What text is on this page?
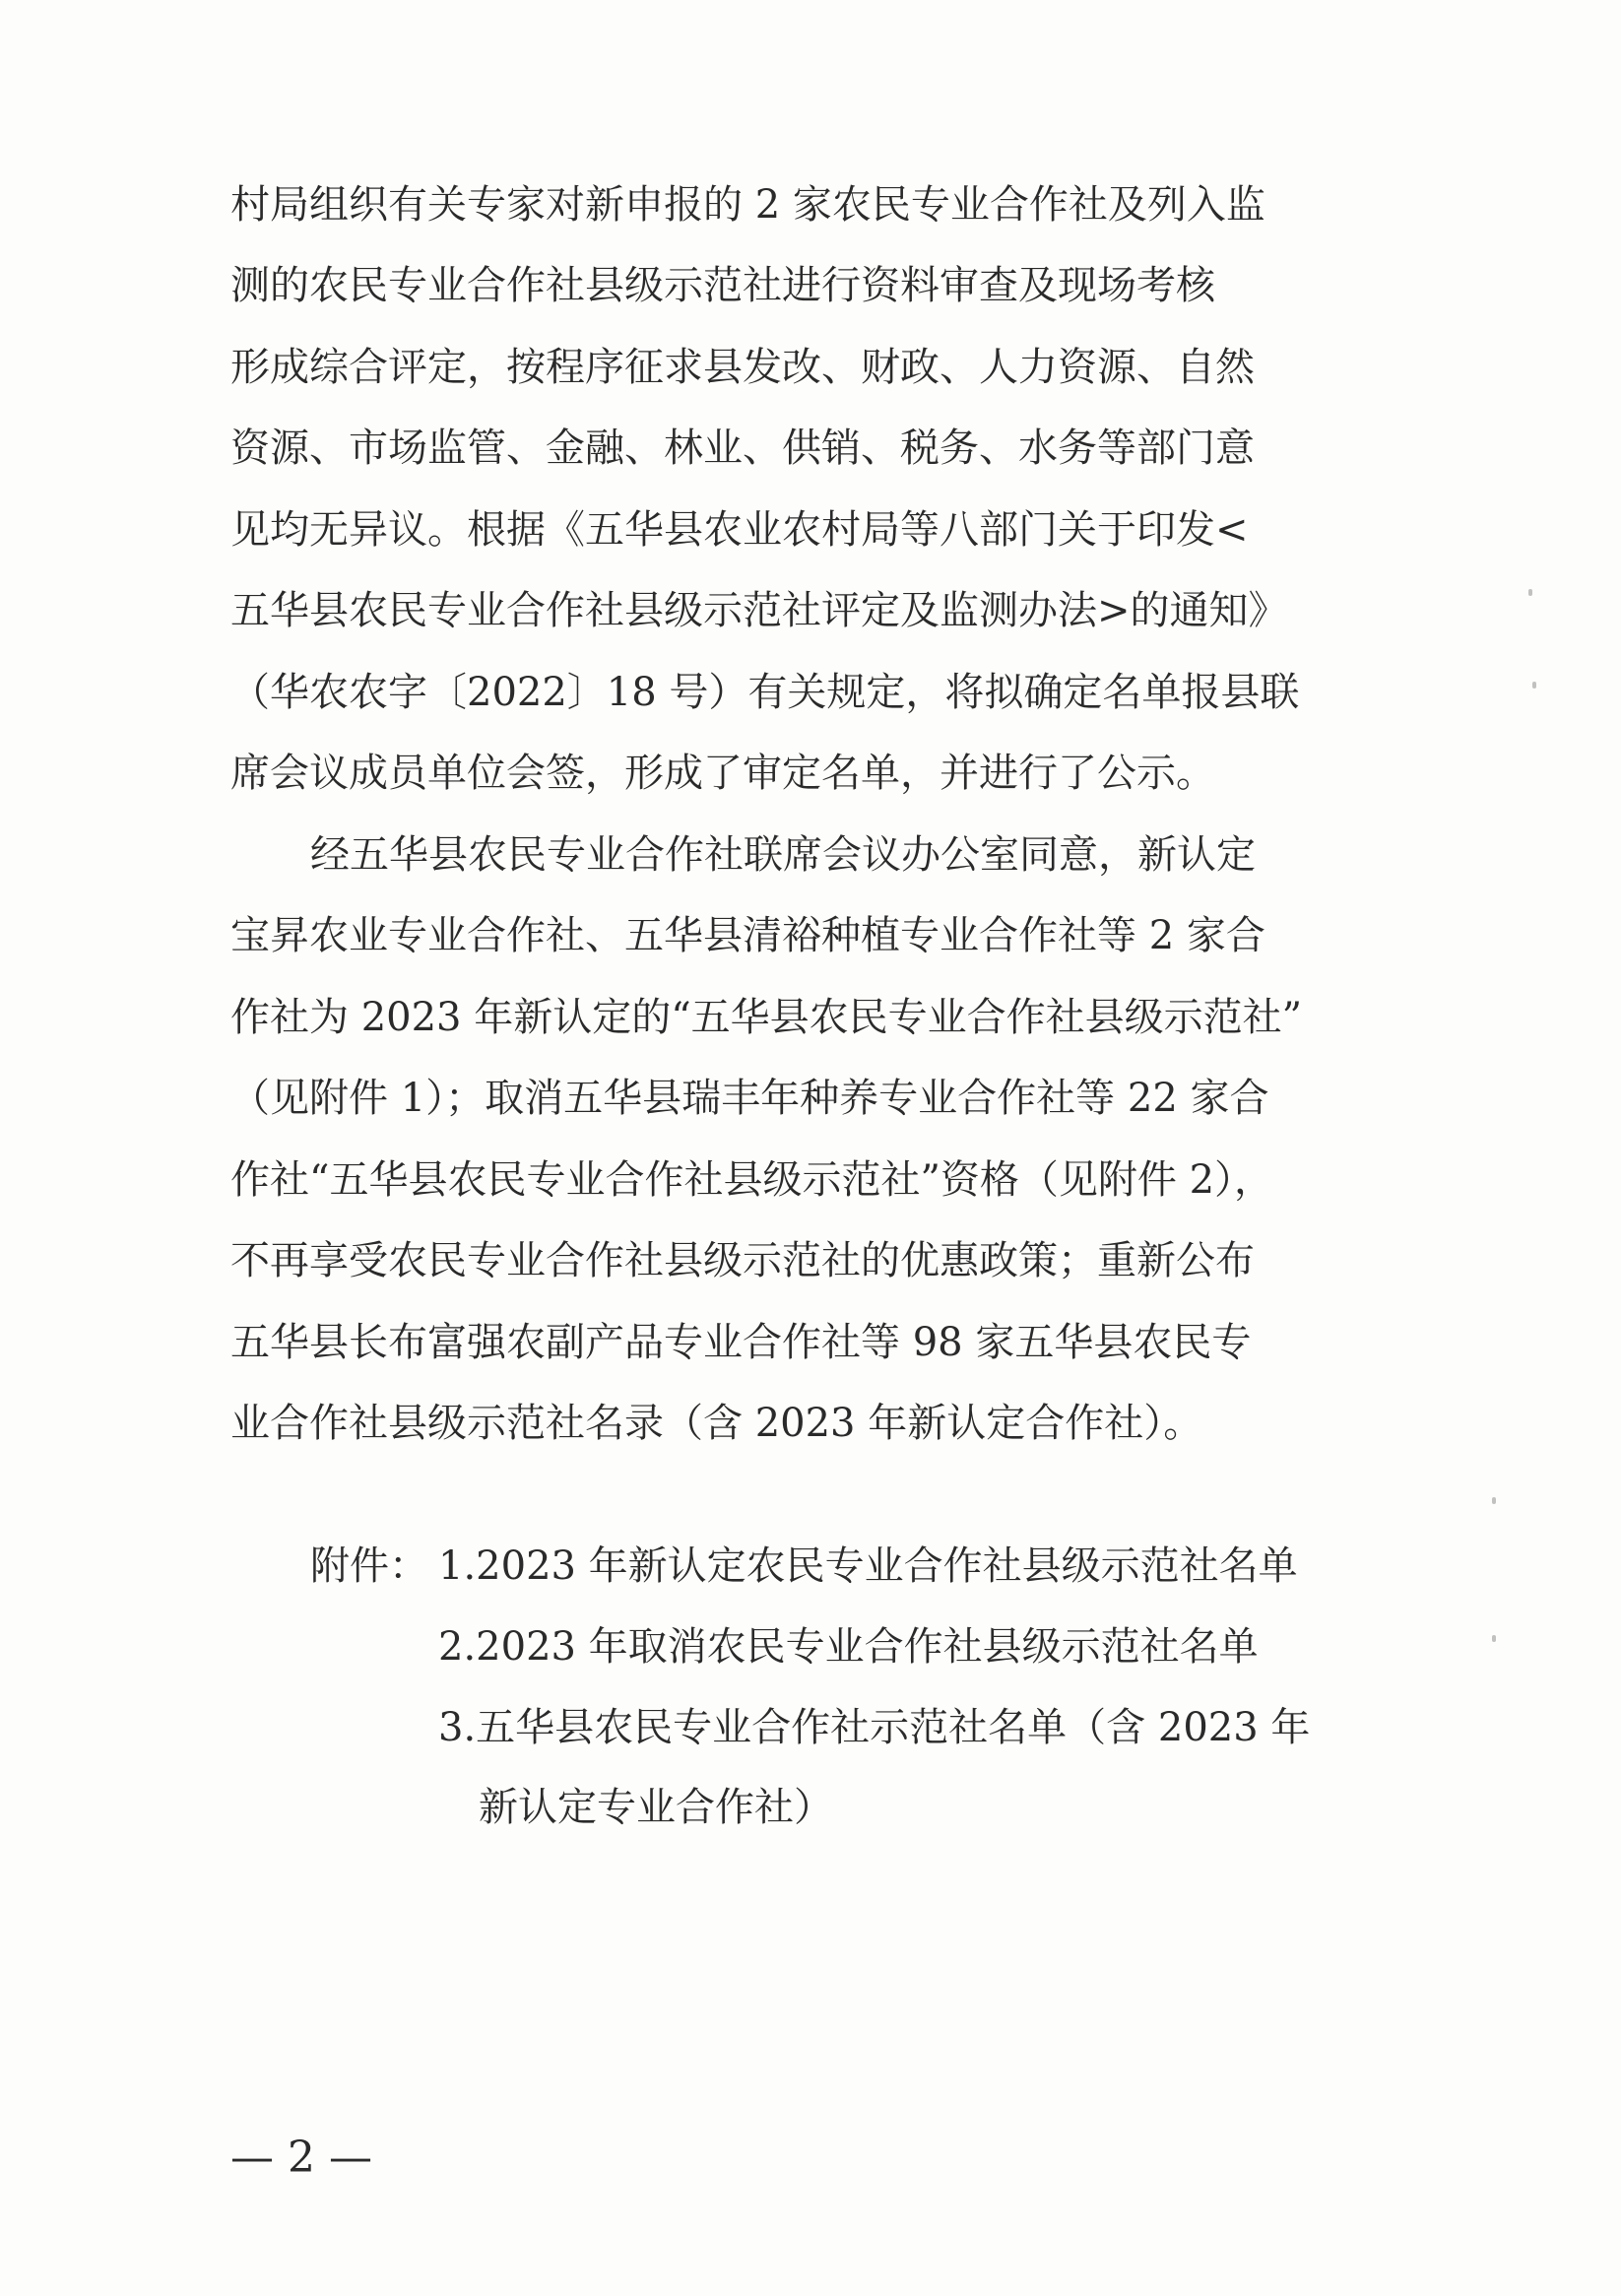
村局组织有关专家对新申报的 2 家农民专业合作社及列入监
测的农民专业合作社县级示范社进行资料审查及现场考核
形成综合评定，按程序征求县发改、财政、人力资源、自然
资源、市场监管、金融、林业、供销、税务、水务等部门意
见均无异议。根据《五华县农业农村局等八部门关于印发<
五华县农民专业合作社县级示范社评定及监测办法>的通知》
（华农农字〔2022〕18 号）有关规定，将拟确定名单报县联
席会议成员单位会签，形成了审定名单，并进行了公示。
经五华县农民专业合作社联席会议办公室同意，新认定
宝昇农业专业合作社、五华县清裕种植专业合作社等 2 家合
作社为 2023 年新认定的“五华县农民专业合作社县级示范社”
（见附件 1）；取消五华县瑞丰年种养专业合作社等 22 家合
作社“五华县农民专业合作社县级示范社”资格（见附件 2），
不再享受农民专业合作社县级示范社的优惠政策；重新公布
五华县长布富强农副产品专业合作社等 98 家五华县农民专
业合作社县级示范社名录（含 2023 年新认定合作社）。
附件： 1.2023 年新认定农民专业合作社县级示范社名单
2.2023 年取消农民专业合作社县级示范社名单
3.五华县农民专业合作社示范社名单（含 2023 年
新认定专业合作社）
— 2 —
